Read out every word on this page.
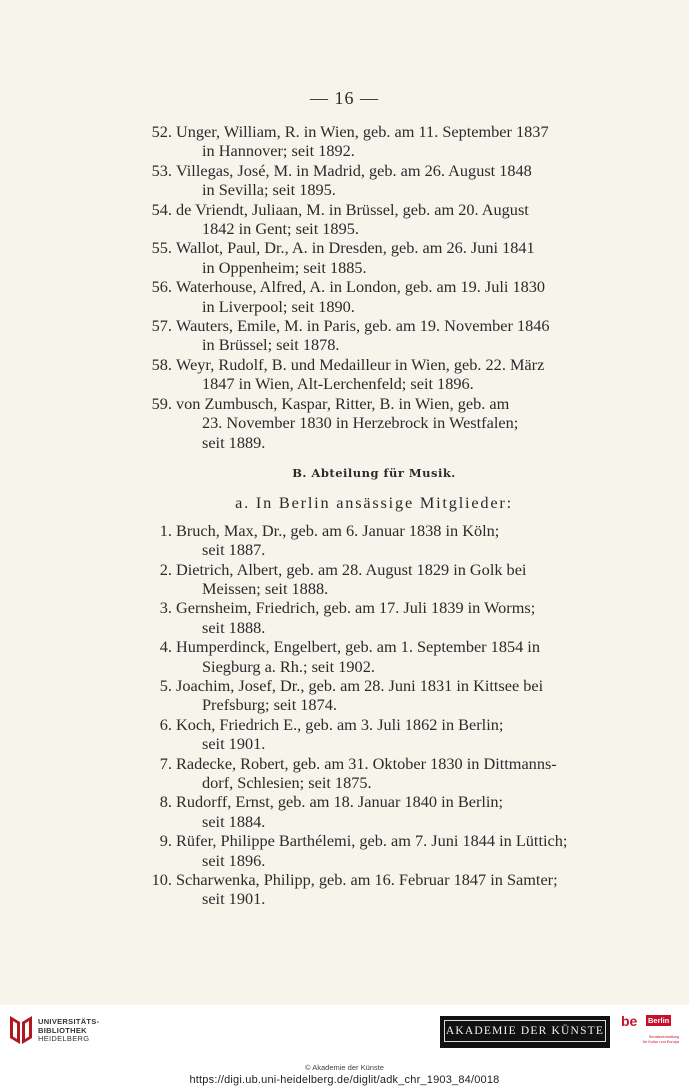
— 16 —
52. Unger, William, R. in Wien, geb. am 11. September 1837
in Hannover; seit 1892.
53. Villegas, José, M. in Madrid, geb. am 26. August 1848
in Sevilla; seit 1895.
54. de Vriendt, Juliaan, M. in Brüssel, geb. am 20. August
1842 in Gent; seit 1895.
55. Wallot, Paul, Dr., A. in Dresden, geb. am 26. Juni 1841
in Oppenheim; seit 1885.
56. Waterhouse, Alfred, A. in London, geb. am 19. Juli 1830
in Liverpool; seit 1890.
57. Wauters, Emile, M. in Paris, geb. am 19. November 1846
in Brüssel; seit 1878.
58. Weyr, Rudolf, B. und Medailleur in Wien, geb. 22. März
1847 in Wien, Alt-Lerchenfeld; seit 1896.
59. von Zumbusch, Kaspar, Ritter, B. in Wien, geb. am
23. November 1830 in Herzebrock in Westfalen;
seit 1889.
B. Abteilung für Musik.
a. In Berlin ansässige Mitglieder:
1. Bruch, Max, Dr., geb. am 6. Januar 1838 in Köln;
seit 1887.
2. Dietrich, Albert, geb. am 28. August 1829 in Golk bei
Meissen; seit 1888.
3. Gernsheim, Friedrich, geb. am 17. Juli 1839 in Worms;
seit 1888.
4. Humperdinck, Engelbert, geb. am 1. September 1854 in
Siegburg a. Rh.; seit 1902.
5. Joachim, Josef, Dr., geb. am 28. Juni 1831 in Kittsee bei
Prefsburg; seit 1874.
6. Koch, Friedrich E., geb. am 3. Juli 1862 in Berlin;
seit 1901.
7. Radecke, Robert, geb. am 31. Oktober 1830 in Dittmanns-
dorf, Schlesien; seit 1875.
8. Rudorff, Ernst, geb. am 18. Januar 1840 in Berlin;
seit 1884.
9. Rüfer, Philippe Barthélemi, geb. am 7. Juni 1844 in Lüttich;
seit 1896.
10. Scharwenka, Philipp, geb. am 16. Februar 1847 in Samter;
seit 1901.
UNIVERSITÄTS-
BIBLIOTHEK
HEIDELBERG
AKADEMIE DER KÜNSTE
be Berlin
Senatsverwaltung
für Kultur und Europa
© Akademie der Künste
https://digi.ub.uni-heidelberg.de/diglit/adk_chr_1903_84/0018
